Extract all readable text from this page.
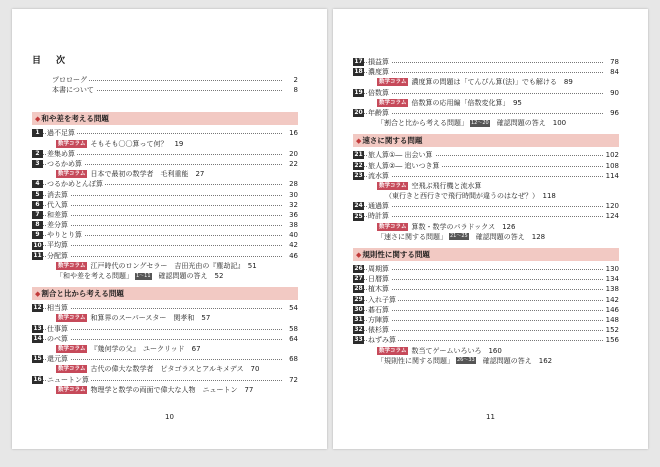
目　次
プロローグ	2
本書について	8
◆和や差を考える問題
1 過不足算	16
数学コラム そもそも〇〇算って何？　19
2 差集め算	20
3 つるかめ算	22
数学コラム 日本で最初の数学者　毛利重能　27
4 つるかめとんぼ算	28
5 消去算	30
6 代入算	32
7 和差算	36
8 差分算	38
9 やりとり算	40
10 平均算	42
11 分配算	46
数学コラム 江戸時代のロングセラー　吉田光由の『塵劫記』　51
「和や差を考える問題」 1〜11　確認問題の答え　52
◆割合と比から考える問題
12 相当算	54
数学コラム 和算界のスーパースター　関孝和　57
13 仕事算	58
14 のべ算	64
数学コラム 『幾何学の父』　ユークリッド　67
15 還元算	68
数学コラム 古代の偉大な数学者　ピタゴラスとアルキメデス　70
16 ニュートン算	72
数学コラム 物理学と数学の両面で偉大な人物　ニュートン　77
10
17 損益算	78
18 濃度算	84
数学コラム 濃度算の問題は「てんびん算(法)」でも解ける　89
19 倍数算	90
数学コラム 倍数算の応用編「倍数変化算」　95
20 年齢算	96
「割合と比から考える問題」 12〜20　確認問題の答え　100
◆速さに関する問題
21 旅人算①― 出会い算	102
22 旅人算②― 追いつき算	108
23 流水算	114
数学コラム 空飛ぶ飛行機と流水算
（東行きと西行きで飛行時間が違うのはなぜ？）　118
24 通過算	120
25 時計算	124
数学コラム 算数・数学のパラドックス　126
「速さに関する問題」 21〜25　確認問題の答え　128
◆規則性に関する問題
26 周期算	130
27 日暦算	134
28 植木算	138
29 入れ子算	142
30 碁石算	146
31 方陣算	148
32 俵杉算	152
33 ねずみ算	156
数学コラム 数当てゲームいろいろ　160
「規則性に関する問題」 26〜33　確認問題の答え　162
11
